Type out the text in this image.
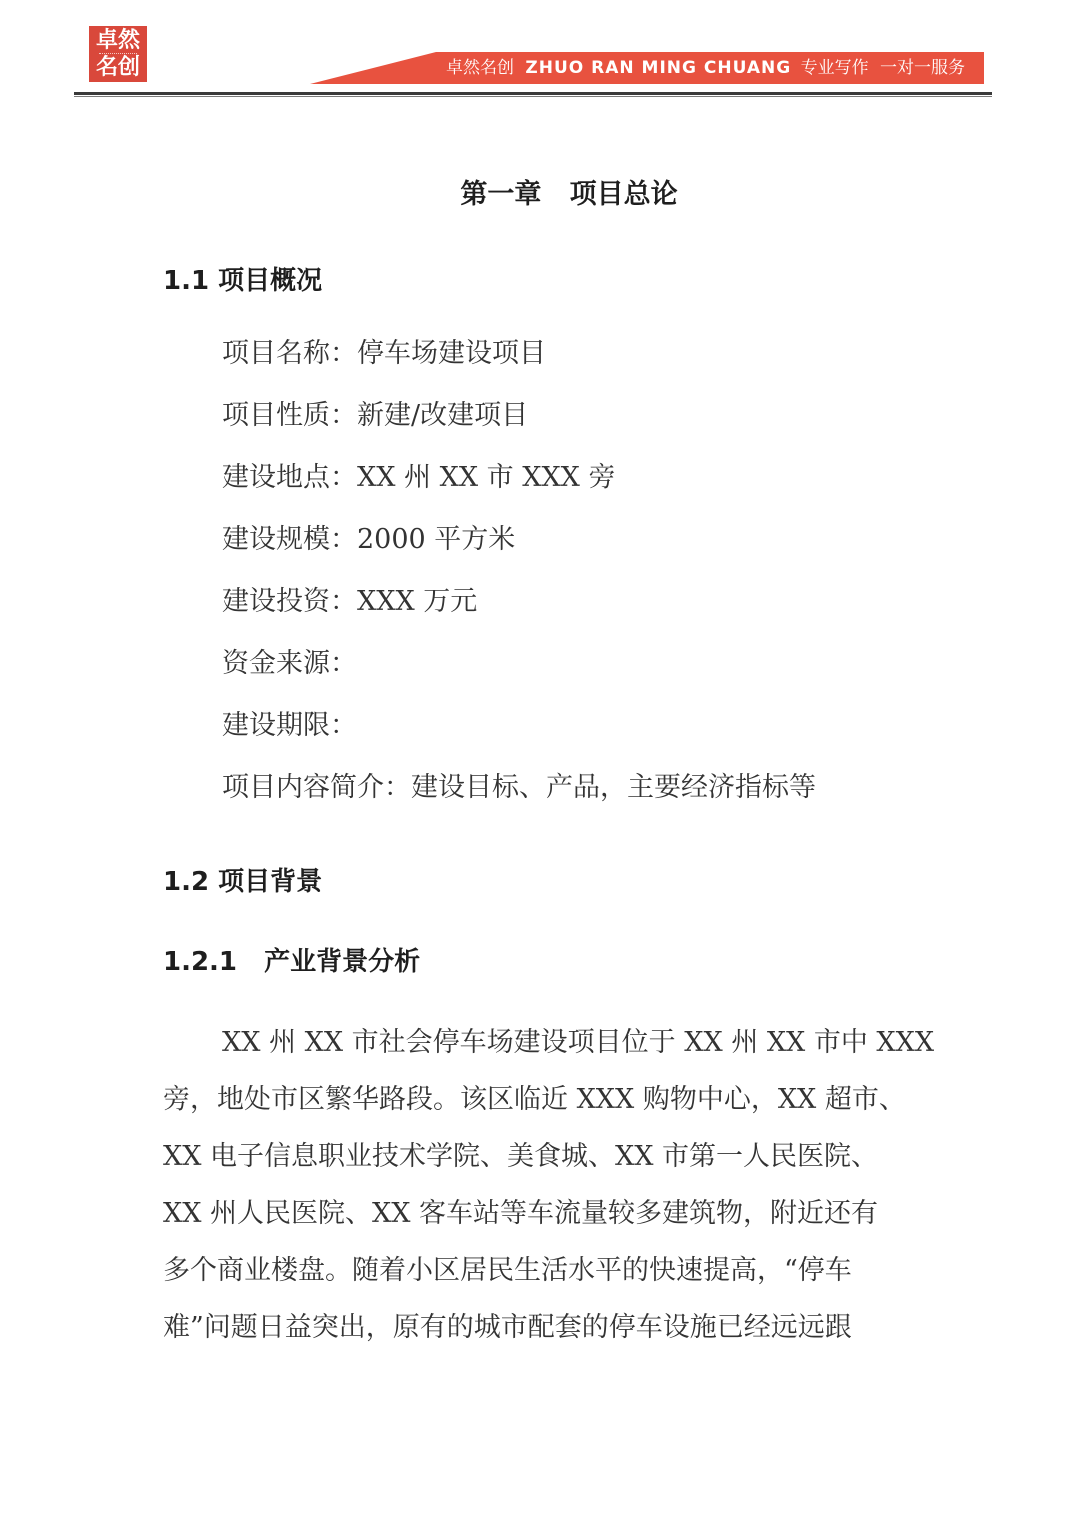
卓然
名创	卓然名创 ZHUO RAN MING CHUANG 专业写作 一对一服务
第一章   项目总论
1.1 项目概况
项目名称：停车场建设项目
项目性质：新建/改建项目
建设地点：XX 州 XX 市 XXX 旁
建设规模：2000 平方米
建设投资：XXX 万元
资金来源：
建设期限：
项目内容简介：建设目标、产品，主要经济指标等
1.2 项目背景
1.2.1   产业背景分析
XX 州 XX 市社会停车场建设项目位于 XX 州 XX 市中 XXX
旁，地处市区繁华路段。该区临近 XXX 购物中心，XX 超市、
XX 电子信息职业技术学院、美食城、XX 市第一人民医院、
XX 州人民医院、XX 客车站等车流量较多建筑物，附近还有
多个商业楼盘。随着小区居民生活水平的快速提高，“停车
难”问题日益突出，原有的城市配套的停车设施已经远远跟
